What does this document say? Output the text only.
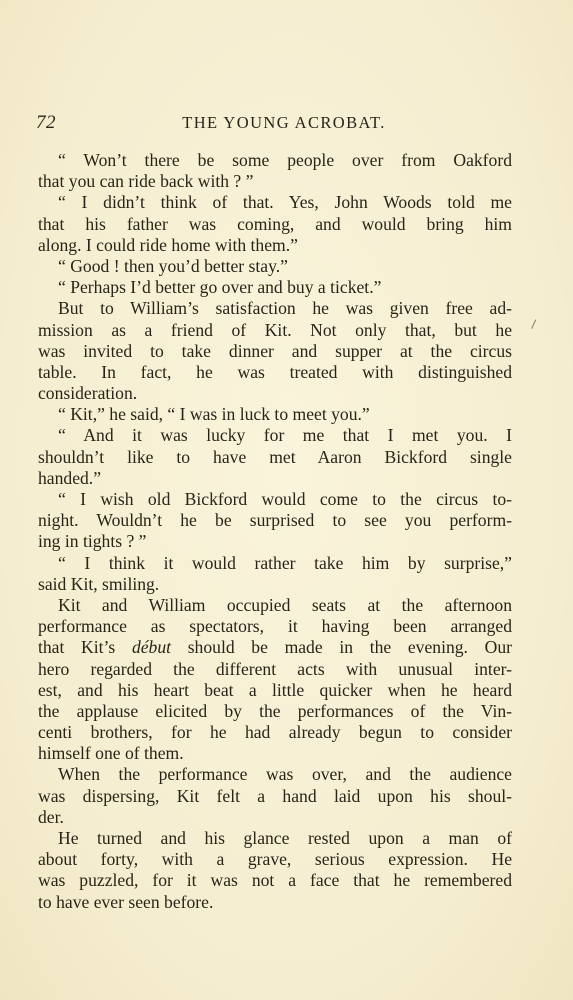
72	THE YOUNG ACROBAT.
“ Won’t there be some people over from Oakford
that you can ride back with ? ”
“ I didn’t think of that. Yes, John Woods told me
that his father was coming, and would bring him
along. I could ride home with them.”
“ Good ! then you’d better stay.”
“ Perhaps I’d better go over and buy a ticket.”
But to William’s satisfaction he was given free ad-
mission as a friend of Kit. Not only that, but he
was invited to take dinner and supper at the circus
table. In fact, he was treated with distinguished
consideration.
“ Kit,” he said, “ I was in luck to meet you.”
“ And it was lucky for me that I met you. I
shouldn’t like to have met Aaron Bickford single
handed.”
“ I wish old Bickford would come to the circus to-
night. Wouldn’t he be surprised to see you perform-
ing in tights ? ”
“ I think it would rather take him by surprise,”
said Kit, smiling.
Kit and William occupied seats at the afternoon
performance as spectators, it having been arranged
that Kit’s début should be made in the evening. Our
hero regarded the different acts with unusual inter-
est, and his heart beat a little quicker when he heard
the applause elicited by the performances of the Vin-
centi brothers, for he had already begun to consider
himself one of them.
When the performance was over, and the audience
was dispersing, Kit felt a hand laid upon his shoul-
der.
He turned and his glance rested upon a man of
about forty, with a grave, serious expression. He
was puzzled, for it was not a face that he remembered
to have ever seen before.
